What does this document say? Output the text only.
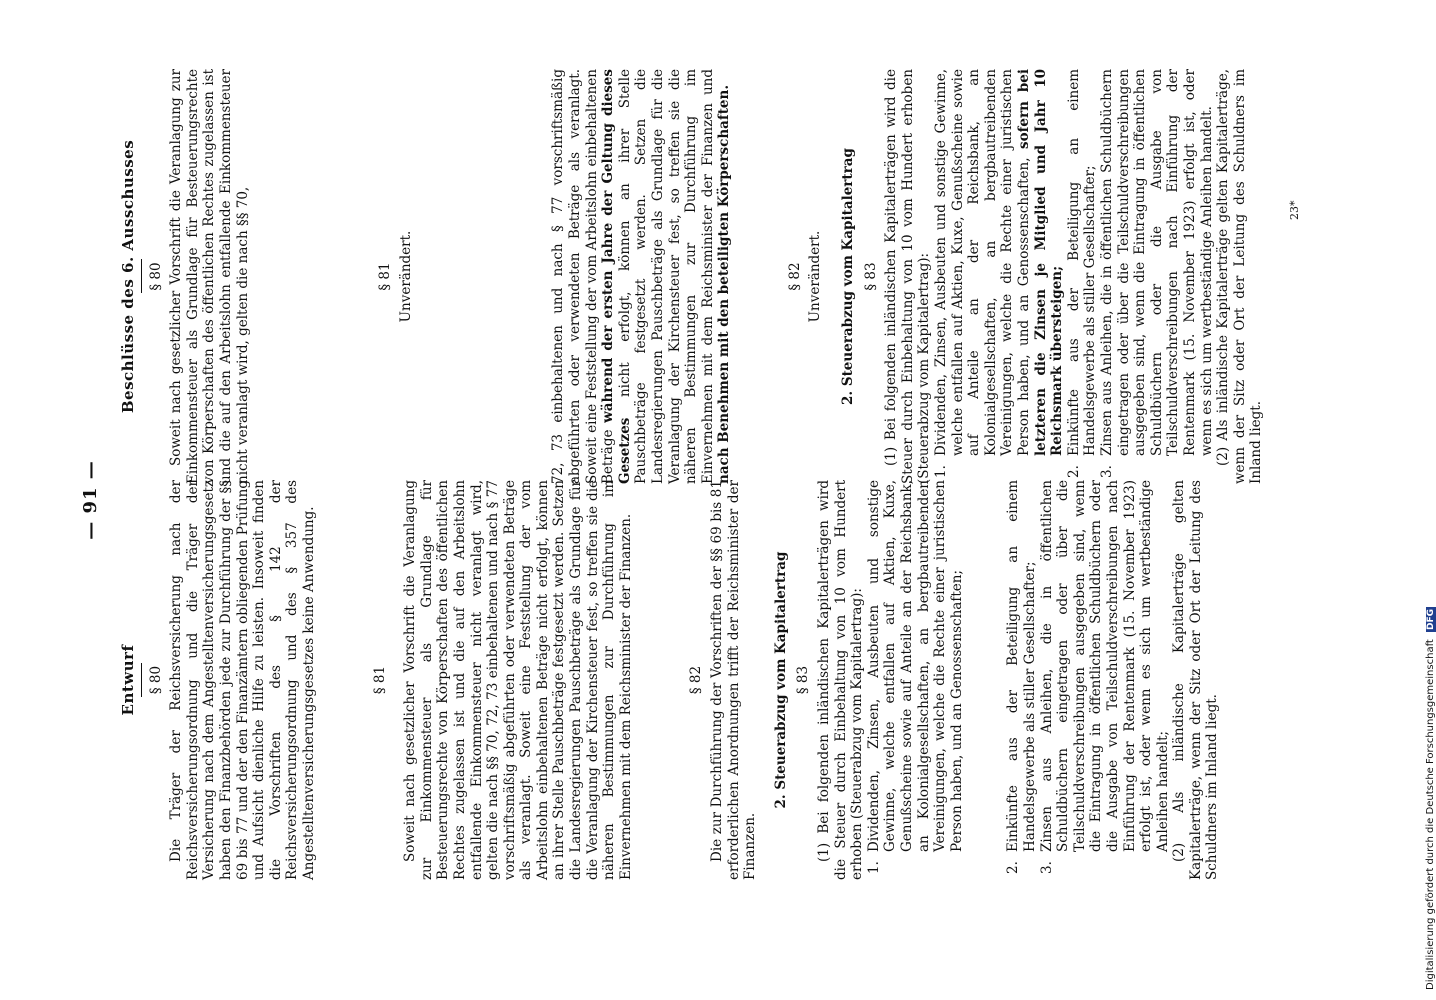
— 91 —
Entwurf § 80 Die Träger der Reichsversicherung nach der Reichsversicherungsordnung und die Träger der Versicherung nach dem Angestelltenversicherungsgesetz haben den Finanzbehörden jede zur Durchführung der §§ 69 bis 77 und der den Finanzämtern obliegenden Prüfung und Aufsicht dienliche Hilfe zu leisten. Insoweit finden die Vorschriften des § 142 der Reichsversicherungsordnung und des § 357 des Angestelltenversicherungsgesetzes keine Anwendung.	§ 81 Soweit nach gesetzlicher Vorschrift die Veranlagung zur Einkommensteuer als Grundlage für Besteuerungsrechte von Körperschaften des öffentlichen Rechtes zugelassen ist und die auf den Arbeitslohn entfallende Einkommensteuer nicht veranlagt wird, gelten die nach §§ 70, 72, 73 einbehaltenen und nach § 77 vorschriftsmäßig abgeführten oder verwendeten Beträge als veranlagt. Soweit eine Feststellung der vom Arbeitslohn einbehaltenen Beträge nicht erfolgt, können an ihrer Stelle Pauschbeträge festgesetzt werden. Setzen die Landesregierungen Pauschbeträge als Grundlage für die Veranlagung der Kirchensteuer fest, so treffen sie die näheren Bestimmungen zur Durchführung im Einvernehmen mit dem Reichsminister der Finanzen.	§ 82 Die zur Durchführung der Vorschriften der §§ 69 bis 81 erforderlichen Anordnungen trifft der Reichsminister der Finanzen.

2. Steuerabzug vom Kapitalertrag § 83 (1) Bei folgenden inländischen Kapitalerträgen wird die Steuer durch Einbehaltung von 10 vom Hundert erhoben (Steuerabzug vom Kapitalertrag): 1.
Dividenden, Zinsen, Ausbeuten und sonstige Gewinne, welche entfallen auf Aktien, Kuxe, Genußscheine sowie auf Anteile an der Reichsbank, an Kolonialgesellschaften, an bergbautreibenden Vereinigungen, welche die Rechte einer juristischen Person haben, und an Genossenschaften;
2.
Einkünfte aus der Beteiligung an einem Handelsgewerbe als stiller Gesellschafter;
3.
Zinsen aus Anleihen, die in öffentlichen Schuldbüchern eingetragen oder über die Teilschuldverschreibungen ausgegeben sind, wenn die Eintragung in öffentlichen Schuldbüchern oder die Ausgabe von Teilschuldverschreibungen nach Einführung der Rentenmark (15. November 1923) erfolgt ist, oder wenn es sich um wertbeständige Anleihen handelt; (2) Als inländische Kapitalerträge gelten Kapitalerträge, wenn der Sitz oder Ort der Leitung des Schuldners im Inland liegt.

Beschlüsse des 6. Ausschusses § 80 Soweit nach gesetzlicher Vorschrift die Veranlagung zur Einkommensteuer als Grundlage für Besteuerungsrechte von Körperschaften des öffentlichen Rechtes zugelassen ist und die auf den Arbeitslohn entfallende Einkommensteuer nicht veranlagt wird, gelten die nach §§ 70,	§ 81 Unverändert.	72, 73 einbehaltenen und nach § 77 vorschriftsmäßig abgeführten oder verwendeten Beträge als veranlagt. Soweit eine Feststellung der vom Arbeitslohn einbehaltenen Beträge während der ersten Jahre der Geltung dieses Gesetzes nicht erfolgt, können an ihrer Stelle Pauschbeträge festgesetzt werden. Setzen die Landesregierungen Pauschbeträge als Grundlage für die Veranlagung der Kirchensteuer fest, so treffen sie die näheren Bestimmungen zur Durchführung im Einvernehmen mit dem Reichsminister der Finanzen und nach Benehmen mit den beteiligten Körperschaften.	§ 82 Unverändert. 2. Steuerabzug vom Kapitalertrag § 83 (1) Bei folgenden inländischen Kapitalerträgen wird die Steuer durch Einbehaltung von 10 vom Hundert erhoben (Steuerabzug vom Kapitalertrag): 1.
Dividenden, Zinsen, Ausbeuten und sonstige Gewinne, welche entfallen auf Aktien, Kuxe, Genußscheine sowie auf Anteile an der Reichsbank, an Kolonialgesellschaften, an bergbautreibenden Vereinigungen, welche die Rechte einer juristischen Person haben, und an Genossenschaften, sofern bei letzteren die Zinsen je Mitglied und Jahr 10 Reichsmark übersteigen;
2.
Einkünfte aus der Beteiligung an einem Handelsgewerbe als stiller Gesellschafter;
3.
Zinsen aus Anleihen, die in öffentlichen Schuldbüchern eingetragen oder über die Teilschuldverschreibungen ausgegeben sind, wenn die Eintragung in öffentlichen Schuldbüchern oder die Ausgabe von Teilschuldverschreibungen nach Einführung der Rentenmark (15. November 1923) erfolgt ist, oder wenn es sich um wertbeständige Anleihen handelt. (2) Als inländische Kapitalerträge gelten Kapitalerträge, wenn der Sitz oder Ort der Leitung des Schuldners im Inland liegt.

23*
Digitalisierung gefördert durch die Deutsche Forschungsgemeinschaft DFG
